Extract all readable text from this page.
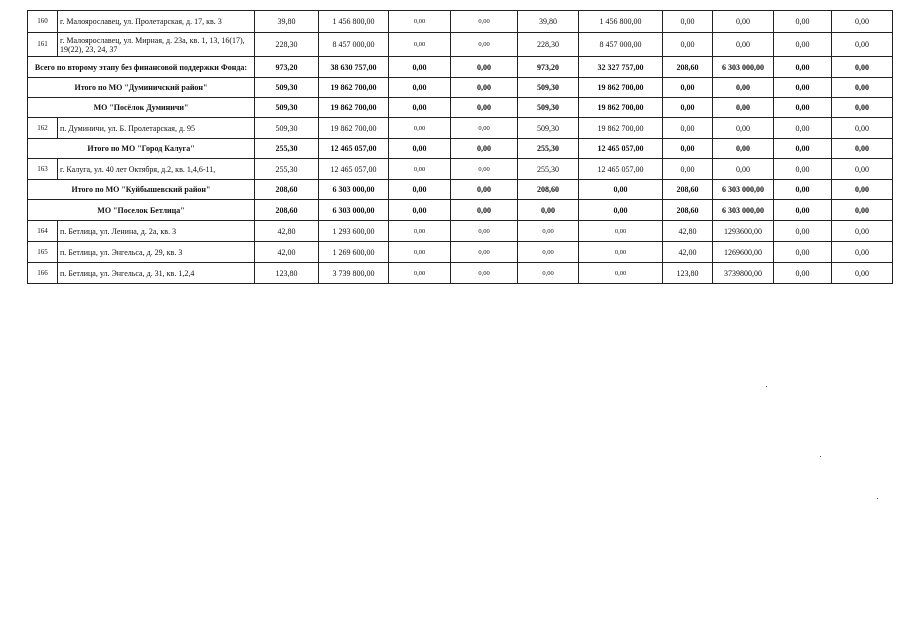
160	г. Малоярославец, ул. Пролетарская, д. 17, кв. 3	39,80	1 456 800,00	0,00	0,00	39,80	1 456 800,00	0,00	0,00	0,00	0,00
161	г. Малоярославец, ул. Мирная, д. 23а, кв. 1, 13, 16(17), 19(22), 23, 24, 37	228,30	8 457 000,00	0,00	0,00	228,30	8 457 000,00	0,00	0,00	0,00	0,00
Всего по второму этапу без финансовой поддержки Фонда:		973,20	38 630 757,00	0,00	0,00	973,20	32 327 757,00	208,60	6 303 000,00	0,00	0,00
Итого по МО "Думиничский район"		509,30	19 862 700,00	0,00	0,00	509,30	19 862 700,00	0,00	0,00	0,00	0,00
МО "Посёлок Думиничи"		509,30	19 862 700,00	0,00	0,00	509,30	19 862 700,00	0,00	0,00	0,00	0,00
162	п. Думиничи, ул. Б. Пролетарская, д. 95	509,30	19 862 700,00	0,00	0,00	509,30	19 862 700,00	0,00	0,00	0,00	0,00
Итого по МО "Город Калуга"		255,30	12 465 057,00	0,00	0,00	255,30	12 465 057,00	0,00	0,00	0,00	0,00
163	г. Калуга, ул. 40 лет Октября, д.2, кв. 1,4,6-11,	255,30	12 465 057,00	0,00	0,00	255,30	12 465 057,00	0,00	0,00	0,00	0,00
Итого по МО "Куйбышевский район"		208,60	6 303 000,00	0,00	0,00	208,60	0,00	208,60	6 303 000,00	0,00	0,00
МО "Поселок Бетлица"		208,60	6 303 000,00	0,00	0,00	0,00	0,00	208,60	6 303 000,00	0,00	0,00
164	п. Бетлица, ул. Ленина, д. 2а, кв. 3	42,80	1 293 600,00	0,00	0,00	0,00	0,00	42,80	1293600,00	0,00	0,00
165	п. Бетлица, ул. Энгельса, д. 29, кв. 3	42,00	1 269 600,00	0,00	0,00	0,00	0,00	42,00	1269600,00	0,00	0,00
166	п. Бетлица, ул. Энгельса, д. 31, кв. 1,2,4	123,80	3 739 800,00	0,00	0,00	0,00	0,00	123,80	3739800,00	0,00	0,00
